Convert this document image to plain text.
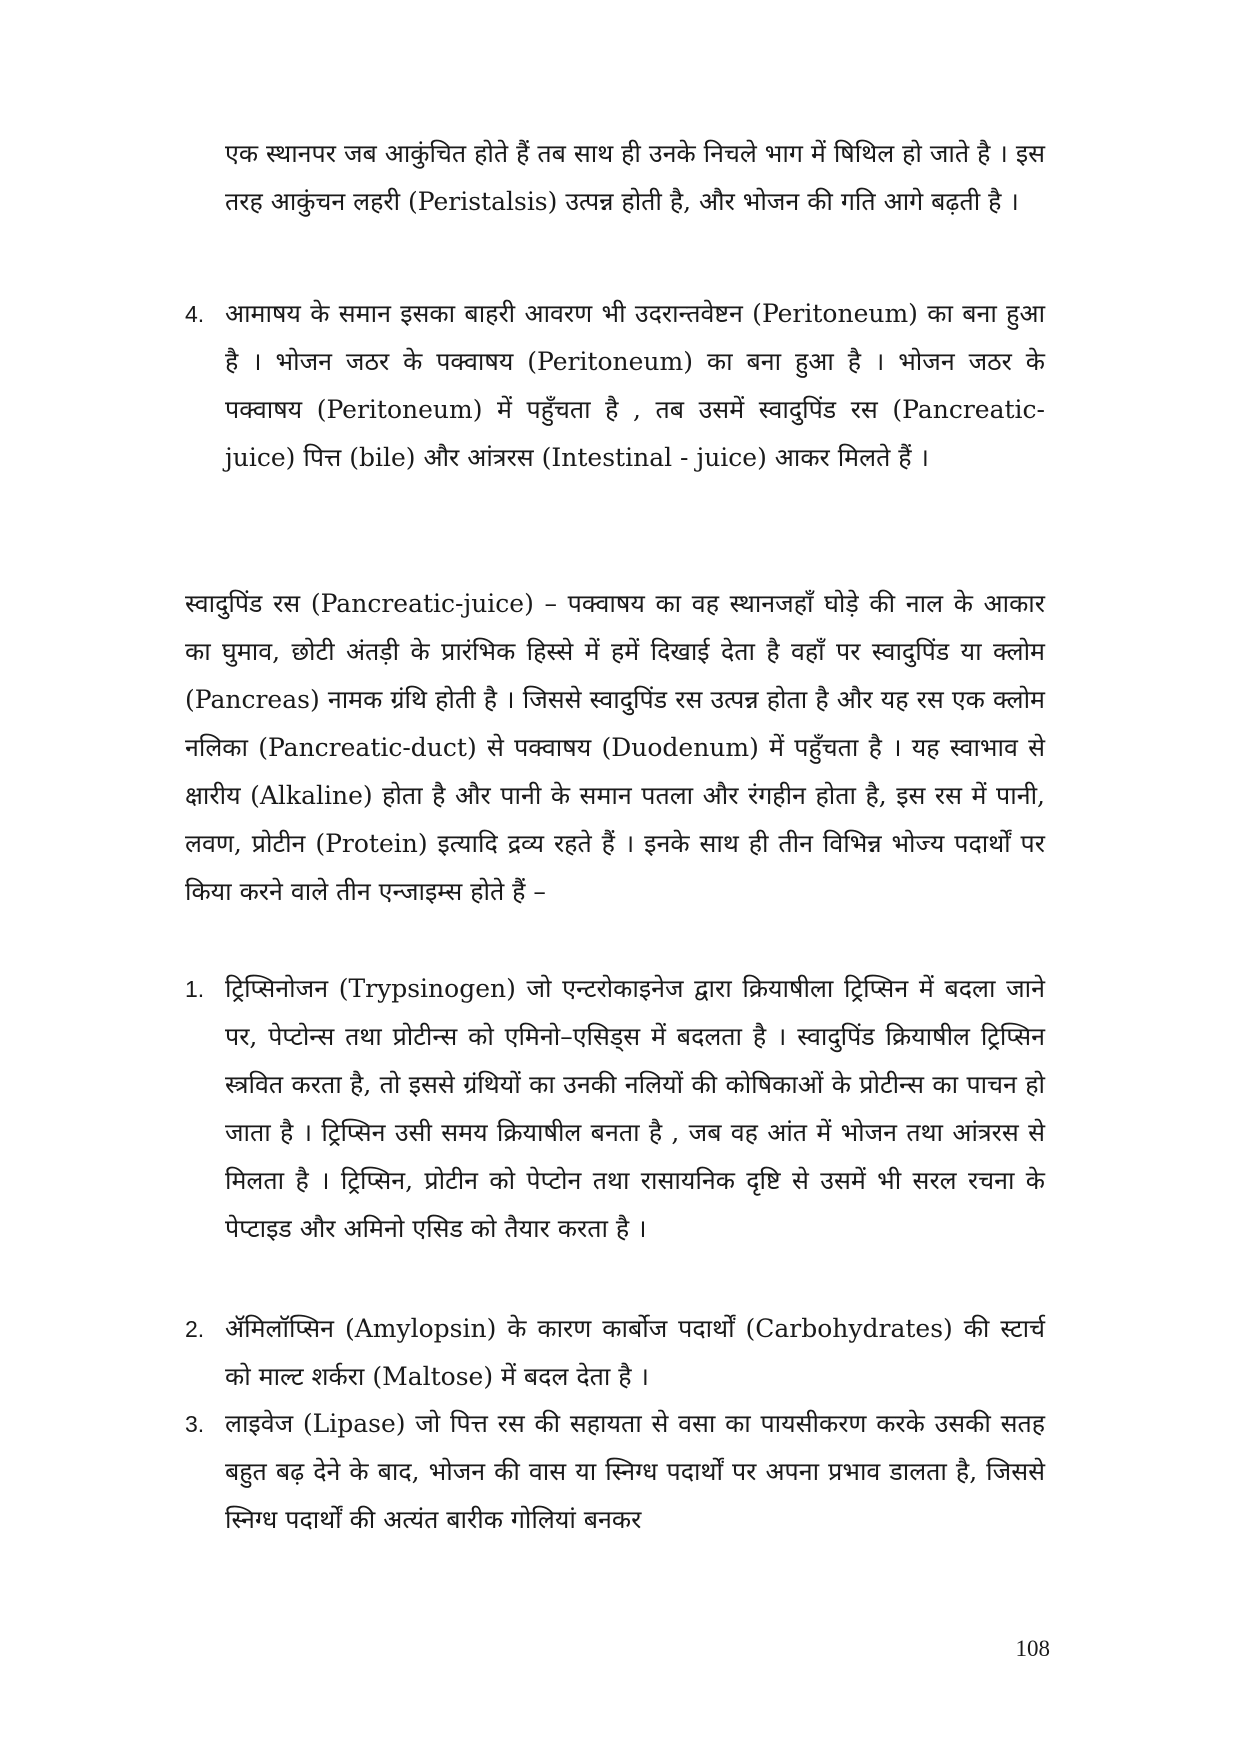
एक स्थानपर जब आकुंचित होते हैं तब साथ ही उनके निचले भाग में षिथिल हो जाते है । इस तरह आकुंचन लहरी (Peristalsis) उत्पन्न होती है, और भोजन की गति आगे बढ़ती है ।

4. आमाषय के समान इसका बाहरी आवरण भी उदरान्तवेष्टन (Peritoneum) का बना हुआ है । भोजन जठर के पक्वाषय (Peritoneum) का बना हुआ है । भोजन जठर के पक्वाषय (Peritoneum) में पहुँचता है , तब उसमें स्वादुपिंड रस (Pancreatic-juice) पित्त (bile) और आंत्ररस (Intestinal - juice) आकर मिलते हैं ।

स्वादुपिंड रस (Pancreatic-juice) – पक्वाषय का वह स्थानजहाँ घोड़े की नाल के आकार का घुमाव, छोटी अंतड़ी के प्रारंभिक हिस्से में हमें दिखाई देता है वहाँ पर स्वादुपिंड या क्लोम (Pancreas) नामक ग्रंथि होती है । जिससे स्वादुपिंड रस उत्पन्न होता है और यह रस एक क्लोम नलिका (Pancreatic-duct) से पक्वाषय (Duodenum) में पहुँचता है । यह स्वाभाव से क्षारीय (Alkaline) होता है और पानी के समान पतला और रंगहीन होता है, इस रस में पानी, लवण, प्रोटीन (Protein) इत्यादि द्रव्य रहते हैं । इनके साथ ही तीन विभिन्न भोज्य पदार्थों पर किया करने वाले तीन एन्जाइम्स होते हैं –

1. ट्रिप्सिनोजन (Trypsinogen) जो एन्टरोकाइनेज द्वारा क्रियाषीला ट्रिप्सिन में बदला जाने पर, पेप्टोन्स तथा प्रोटीन्स को एमिनो–एसिड्स में बदलता है । स्वादुपिंड क्रियाषील ट्रिप्सिन स्त्रवित करता है, तो इससे ग्रंथियों का उनकी नलियों की कोषिकाओं के प्रोटीन्स का पाचन हो जाता है । ट्रिप्सिन उसी समय क्रियाषील बनता है , जब वह आंत में भोजन तथा आंत्ररस से मिलता है । ट्रिप्सिन, प्रोटीन को पेप्टोन तथा रासायनिक दृष्टि से उसमें भी सरल रचना के पेप्टाइड और अमिनो एसिड को तैयार करता है ।

2. ॲमिलॉप्सिन (Amylopsin) के कारण कार्बोज पदार्थों (Carbohydrates) की स्टार्च को माल्ट शर्करा (Maltose) में बदल देता है ।

3. लाइवेज (Lipase) जो पित्त रस की सहायता से वसा का पायसीकरण करके उसकी सतह बहुत बढ़ देने के बाद, भोजन की वास या स्निग्ध पदार्थों पर अपना प्रभाव डालता है, जिससे स्निग्ध पदार्थों की अत्यंत बारीक गोलियां बनकर

108
